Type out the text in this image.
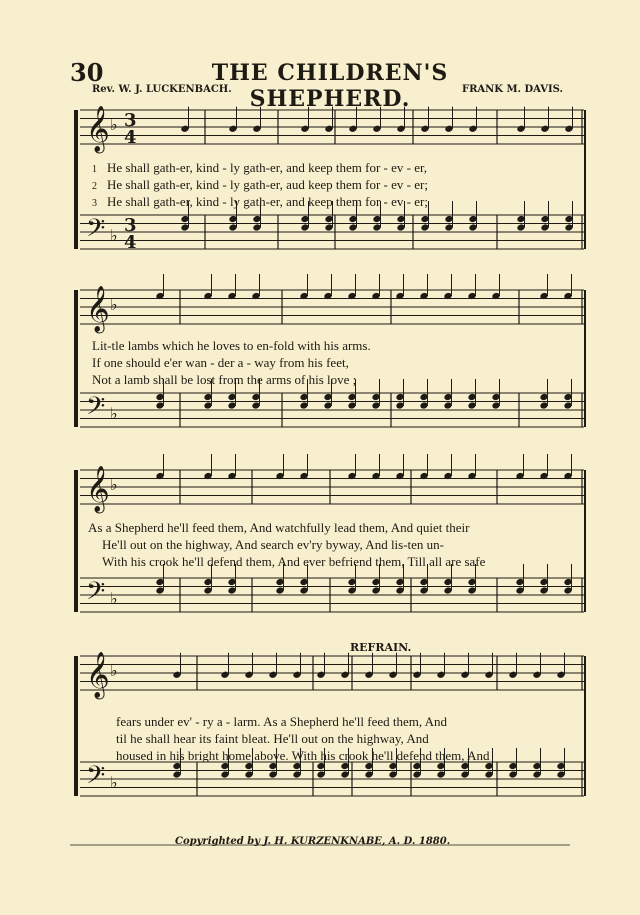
30	THE CHILDREN'S SHEPHERD.
Rev. W. J. LUCKENBACH.	FRANK M. DAVIS.
𝄞 ♭
𝄢 ♭
𝄞 ♭
𝄢 ♭
𝄞 ♭
𝄢 ♭
𝄞 ♭
𝄢 ♭
3
4
3
4
1 He shall gath-er, kind - ly gath-er, and keep them for - ev - er,
2 He shall gath-er, kind - ly gath-er, aud keep them for - ev - er;
3 He shall gath-er, kind - ly gath-er, and keep them for - ev - er;
Lit-tle lambs which he loves to en-fold with his arms.
If one should e'er wan - der a - way from his feet,
Not a lamb shall be lost from the arms of his love ;
As a Shepherd he'll feed them, And watchfully lead them, And quiet their
He'll out on the highway, And search ev'ry byway, And lis-ten un-
With his crook he'll defend them, And ever befriend them, Till all are safe
REFRAIN.
fears under ev' - ry a - larm. As a Shepherd he'll feed them, And
til he shall hear its faint bleat. He'll out on the highway, And
housed in his bright home above. With his crook he'll defend them, And
Copyrighted by J. H. KURZENKNABE, A. D. 1880.
